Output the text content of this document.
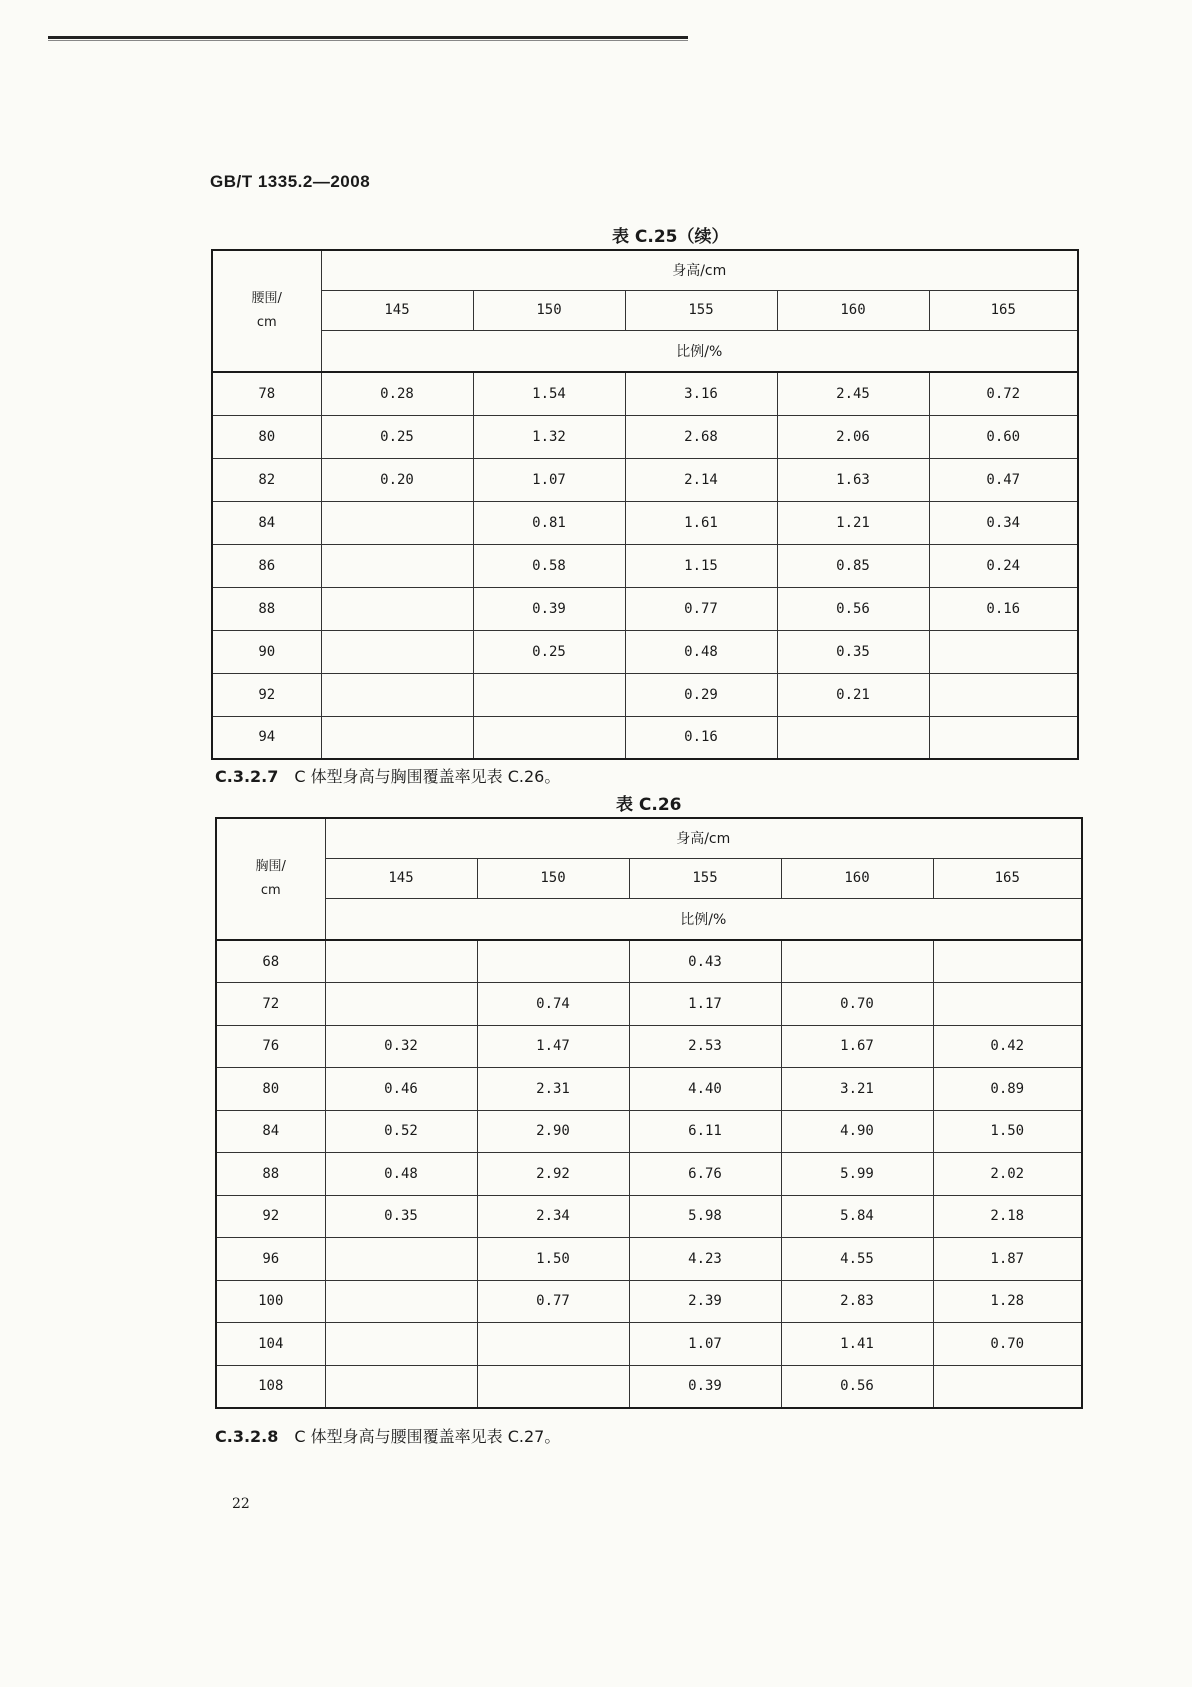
GB/T 1335.2—2008
表 C.25（续）
腰围/
cm	身高/cm				
	145	150	155	160	165
	比例/%				
78	0.28	1.54	3.16	2.45	0.72
80	0.25	1.32	2.68	2.06	0.60
82	0.20	1.07	2.14	1.63	0.47
84		0.81	1.61	1.21	0.34
86		0.58	1.15	0.85	0.24
88		0.39	0.77	0.56	0.16
90		0.25	0.48	0.35	
92			0.29	0.21	
94			0.16		
C.3.2.7 C 体型身高与胸围覆盖率见表 C.26。
表 C.26
胸围/
cm	身高/cm				
	145	150	155	160	165
	比例/%				
68			0.43		
72		0.74	1.17	0.70	
76	0.32	1.47	2.53	1.67	0.42
80	0.46	2.31	4.40	3.21	0.89
84	0.52	2.90	6.11	4.90	1.50
88	0.48	2.92	6.76	5.99	2.02
92	0.35	2.34	5.98	5.84	2.18
96		1.50	4.23	4.55	1.87
100		0.77	2.39	2.83	1.28
104			1.07	1.41	0.70
108			0.39	0.56	
C.3.2.8 C 体型身高与腰围覆盖率见表 C.27。
22
